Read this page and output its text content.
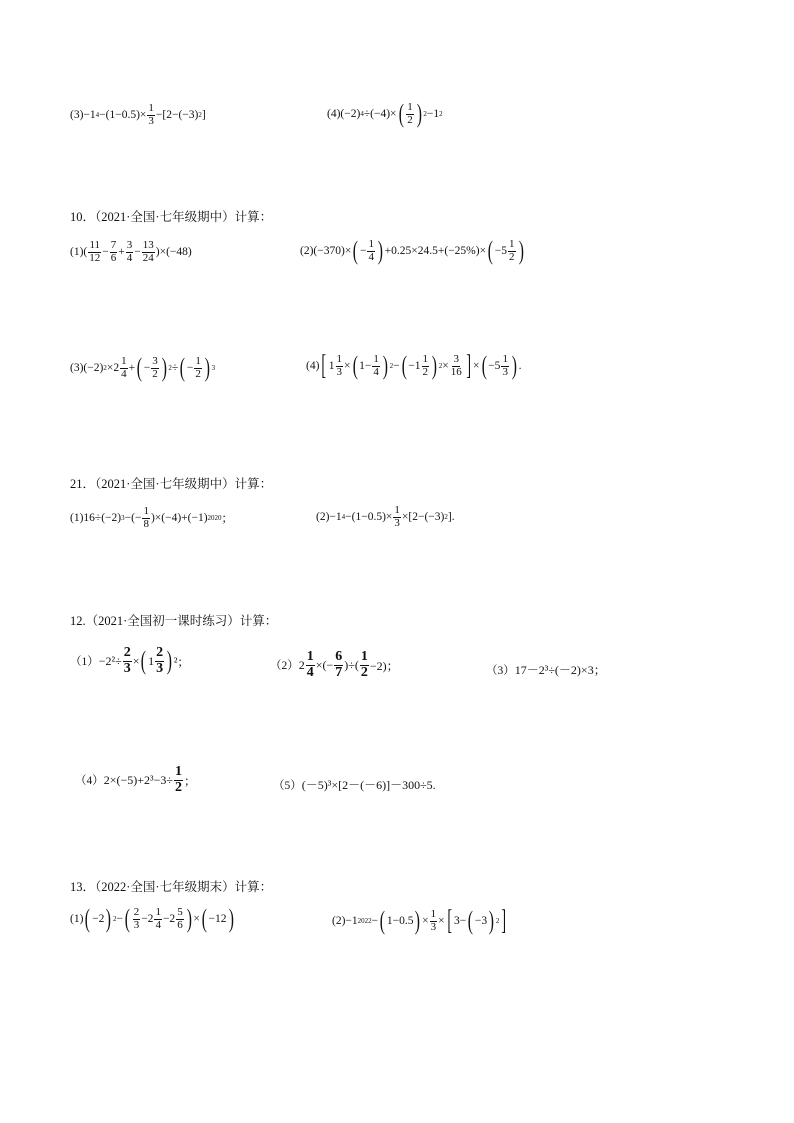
(3) −1 $4 -(1-0.5)\times \frac{1}{3} -[2-(-3)$ 2 ]	(4) (−2) 4 ÷(−4)× ( $\frac{1}{2}$ ) 2 −1 2
10．（2021·全国·七年级期中）计算：
(1) ( $\frac{11}{12} - \frac{7}{6} + \frac{3}{4} - \frac{13}{24} )\times(-48)$	(2) (−370)× ( − $\frac{1}{4}$ ) +0.25×24.5+(−25%)× ( $-5 \frac{1}{2}$ )
(3) (−2) $2 \times 2 \frac{1}{4}$ + ( − $\frac{3}{2}$ ) 2 ÷ ( − $\frac{1}{2}$ ) 3	(4) [ $1 \frac{1}{3}$ × ( $1- \frac{1}{4}$ ) 2 − ( $-1 \frac{1}{2}$ ) $2 \times \frac{3}{16}$ ] × ( $-5 \frac{1}{3}$ ) .
21．（2021·全国·七年级期中）计算：
(1) 16÷(−2) 3 −(− $\frac{1}{8} )\times(-4)+(-1)$ 2020 ；	(2) −1 $4 -(1-0.5)\times \frac{1}{3} \times[2-(-3)$ 2 ].
12.（2021·全国初一课时练习）计算：
$(1) -2^2\div \frac{2}{3}$ × ( $1 \frac{2}{3}$ ) ²；	（2） $2 \frac{1}{4}$ ×(− $\frac{6}{7}$ )÷( $\frac{1}{2} -2$)；	（3） 17－2³÷(－2)×3；
（4） $2\times(-5)+2^3-3\div \frac{1}{2}$ ；	（5） (－5)³×[2－(－6)]－300÷5.
13．（2022·全国·七年级期末）计算：
(1) ( −2 ) 2 − ( $\frac{2}{3} -2 \frac{1}{4} -2 \frac{5}{6}$ ) × ( −12 )	(2) −1 2022 − ( 1−0.5 ) × $\frac{1}{3}$ × [ 3− ( −3 ) 2 ]
